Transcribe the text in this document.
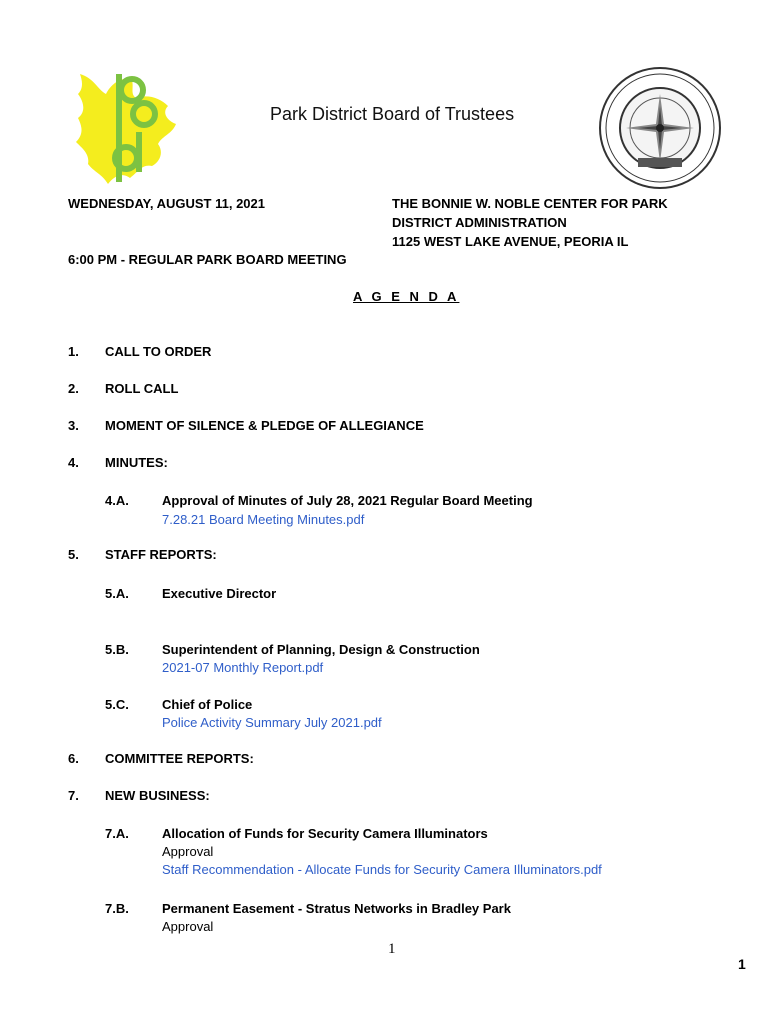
Park District Board of Trustees
WEDNESDAY, AUGUST 11, 2021	THE BONNIE W. NOBLE CENTER FOR PARK
DISTRICT ADMINISTRATION
1125 WEST LAKE AVENUE, PEORIA IL
6:00 PM - REGULAR PARK BOARD MEETING
A G E N D A
1. CALL TO ORDER
2. ROLL CALL
3. MOMENT OF SILENCE & PLEDGE OF ALLEGIANCE
4. MINUTES:
4.A.	Approval of Minutes of July 28, 2021 Regular Board Meeting
7.28.21 Board Meeting Minutes.pdf
5. STAFF REPORTS:
5.A.	Executive Director
5.B.	Superintendent of Planning, Design & Construction
2021-07 Monthly Report.pdf
5.C.	Chief of Police
Police Activity Summary July 2021.pdf
6. COMMITTEE REPORTS:
7. NEW BUSINESS:
7.A.	Allocation of Funds for Security Camera Illuminators
Approval
Staff Recommendation - Allocate Funds for Security Camera Illuminators.pdf
7.B.	Permanent Easement - Stratus Networks in Bradley Park
Approval
1
1
